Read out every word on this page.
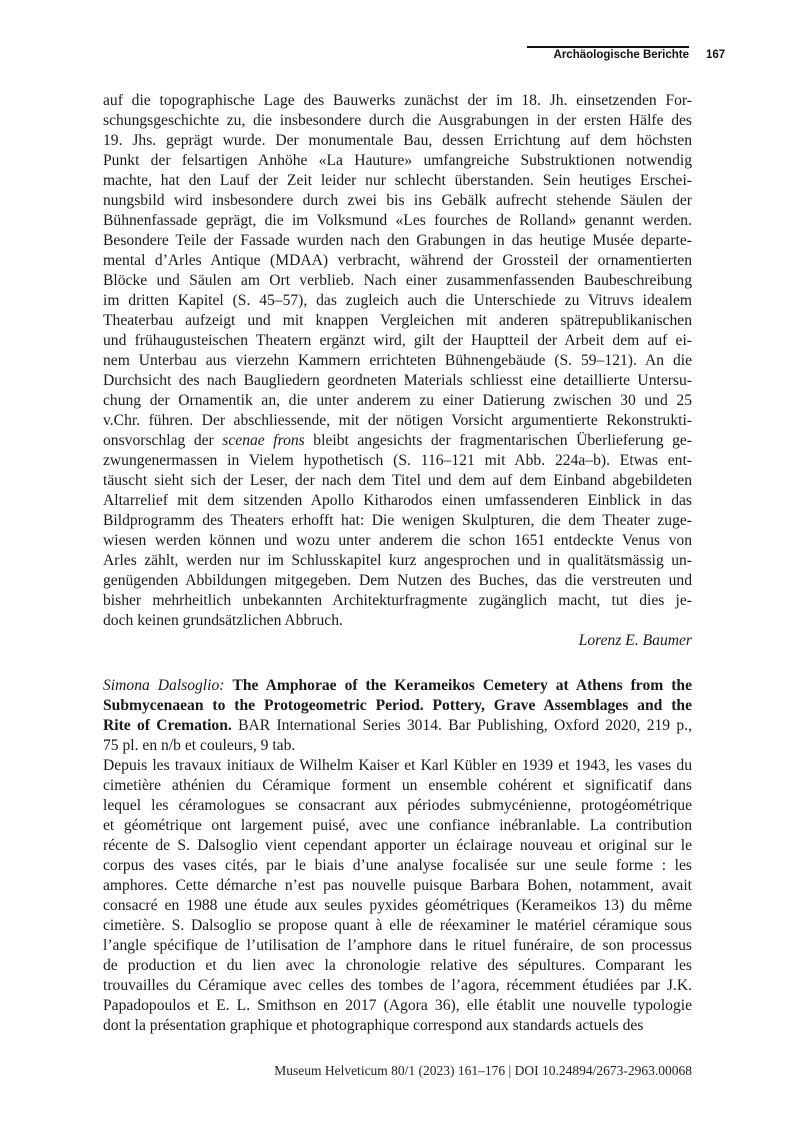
Archäologische Berichte 167
auf die topographische Lage des Bauwerks zunächst der im 18. Jh. einsetzenden For-
schungsgeschichte zu, die insbesondere durch die Ausgrabungen in der ersten Hälfe des
19. Jhs. geprägt wurde. Der monumentale Bau, dessen Errichtung auf dem höchsten
Punkt der felsartigen Anhöhe «La Hauture» umfangreiche Substruktionen notwendig
machte, hat den Lauf der Zeit leider nur schlecht überstanden. Sein heutiges Erschei-
nungsbild wird insbesondere durch zwei bis ins Gebälk aufrecht stehende Säulen der
Bühnenfassade geprägt, die im Volksmund «Les fourches de Rolland» genannt werden.
Besondere Teile der Fassade wurden nach den Grabungen in das heutige Musée departe-
mental d’Arles Antique (MDAA) verbracht, während der Grossteil der ornamentierten
Blöcke und Säulen am Ort verblieb. Nach einer zusammenfassenden Baubeschreibung
im dritten Kapitel (S. 45–57), das zugleich auch die Unterschiede zu Vitruvs idealem
Theaterbau aufzeigt und mit knappen Vergleichen mit anderen spätrepublikanischen
und frühaugusteischen Theatern ergänzt wird, gilt der Hauptteil der Arbeit dem auf ei-
nem Unterbau aus vierzehn Kammern errichteten Bühnengebäude (S. 59–121). An die
Durchsicht des nach Baugliedern geordneten Materials schliesst eine detaillierte Untersu-
chung der Ornamentik an, die unter anderem zu einer Datierung zwischen 30 und 25
v.Chr. führen. Der abschliessende, mit der nötigen Vorsicht argumentierte Rekonstrukti-
onsvorschlag der scenae frons bleibt angesichts der fragmentarischen Überlieferung ge-
zwungenermassen in Vielem hypothetisch (S. 116–121 mit Abb. 224a–b). Etwas ent-
täuscht sieht sich der Leser, der nach dem Titel und dem auf dem Einband abgebildeten
Altarrelief mit dem sitzenden Apollo Kitharodos einen umfassenderen Einblick in das
Bildprogramm des Theaters erhofft hat: Die wenigen Skulpturen, die dem Theater zuge-
wiesen werden können und wozu unter anderem die schon 1651 entdeckte Venus von
Arles zählt, werden nur im Schlusskapitel kurz angesprochen und in qualitätsmässig un-
genügenden Abbildungen mitgegeben. Dem Nutzen des Buches, das die verstreuten und
bisher mehrheitlich unbekannten Architekturfragmente zugänglich macht, tut dies je-
doch keinen grundsätzlichen Abbruch.
Lorenz E. Baumer
Simona Dalsoglio: The Amphorae of the Kerameikos Cemetery at Athens from the
Submycenaean to the Protogeometric Period. Pottery, Grave Assemblages and the
Rite of Cremation. BAR International Series 3014. Bar Publishing, Oxford 2020, 219 p.,
75 pl. en n/b et couleurs, 9 tab.
Depuis les travaux initiaux de Wilhelm Kaiser et Karl Kübler en 1939 et 1943, les vases du
cimetière athénien du Céramique forment un ensemble cohérent et significatif dans
lequel les céramologues se consacrant aux périodes submycénienne, protogéométrique
et géométrique ont largement puisé, avec une confiance inébranlable. La contribution
récente de S. Dalsoglio vient cependant apporter un éclairage nouveau et original sur le
corpus des vases cités, par le biais d’une analyse focalisée sur une seule forme : les
amphores. Cette démarche n’est pas nouvelle puisque Barbara Bohen, notamment, avait
consacré en 1988 une étude aux seules pyxides géométriques (Kerameikos 13) du même
cimetière. S. Dalsoglio se propose quant à elle de réexaminer le matériel céramique sous
l’angle spécifique de l’utilisation de l’amphore dans le rituel funéraire, de son processus
de production et du lien avec la chronologie relative des sépultures. Comparant les
trouvailles du Céramique avec celles des tombes de l’agora, récemment étudiées par J.K.
Papadopoulos et E. L. Smithson en 2017 (Agora 36), elle établit une nouvelle typologie
dont la présentation graphique et photographique correspond aux standards actuels des
Museum Helveticum 80/1 (2023) 161–176 | DOI 10.24894/2673-2963.00068
